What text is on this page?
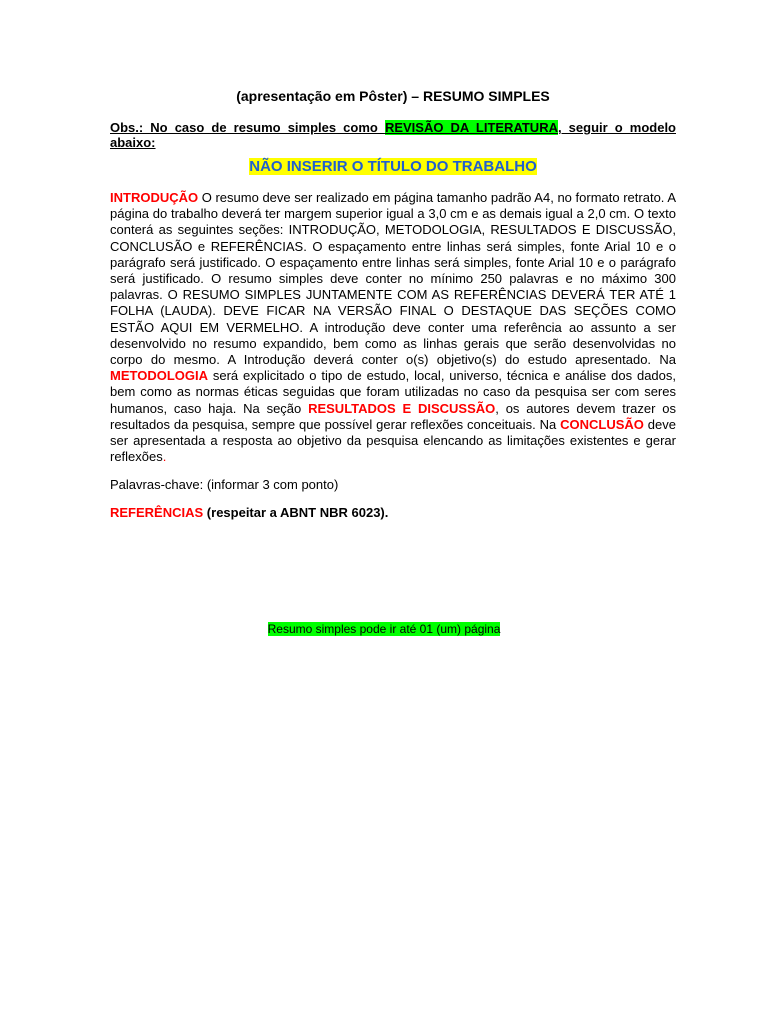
(apresentação em Pôster) – RESUMO SIMPLES

Obs.: No caso de resumo simples como REVISÃO DA LITERATURA, seguir o modelo abaixo:

NÃO INSERIR O TÍTULO DO TRABALHO

INTRODUÇÃO O resumo deve ser realizado em página tamanho padrão A4, no formato retrato. A página do trabalho deverá ter margem superior igual a 3,0 cm e as demais igual a 2,0 cm. O texto conterá as seguintes seções: INTRODUÇÃO, METODOLOGIA, RESULTADOS E DISCUSSÃO, CONCLUSÃO e REFERÊNCIAS. O espaçamento entre linhas será simples, fonte Arial 10 e o parágrafo será justificado. O espaçamento entre linhas será simples, fonte Arial 10 e o parágrafo será justificado. O resumo simples deve conter no mínimo 250 palavras e no máximo 300 palavras. O RESUMO SIMPLES JUNTAMENTE COM AS REFERÊNCIAS DEVERÁ TER ATÉ 1 FOLHA (LAUDA). DEVE FICAR NA VERSÃO FINAL O DESTAQUE DAS SEÇÕES COMO ESTÃO AQUI EM VERMELHO. A introdução deve conter uma referência ao assunto a ser desenvolvido no resumo expandido, bem como as linhas gerais que serão desenvolvidas no corpo do mesmo. A Introdução deverá conter o(s) objetivo(s) do estudo apresentado. Na METODOLOGIA será explicitado o tipo de estudo, local, universo, técnica e análise dos dados, bem como as normas éticas seguidas que foram utilizadas no caso da pesquisa ser com seres humanos, caso haja. Na seção RESULTADOS E DISCUSSÃO, os autores devem trazer os resultados da pesquisa, sempre que possível gerar reflexões conceituais. Na CONCLUSÃO deve ser apresentada a resposta ao objetivo da pesquisa elencando as limitações existentes e gerar reflexões.

Palavras-chave: (informar 3 com ponto)

REFERÊNCIAS (respeitar a ABNT NBR 6023).

Resumo simples pode ir até 01 (um) página
